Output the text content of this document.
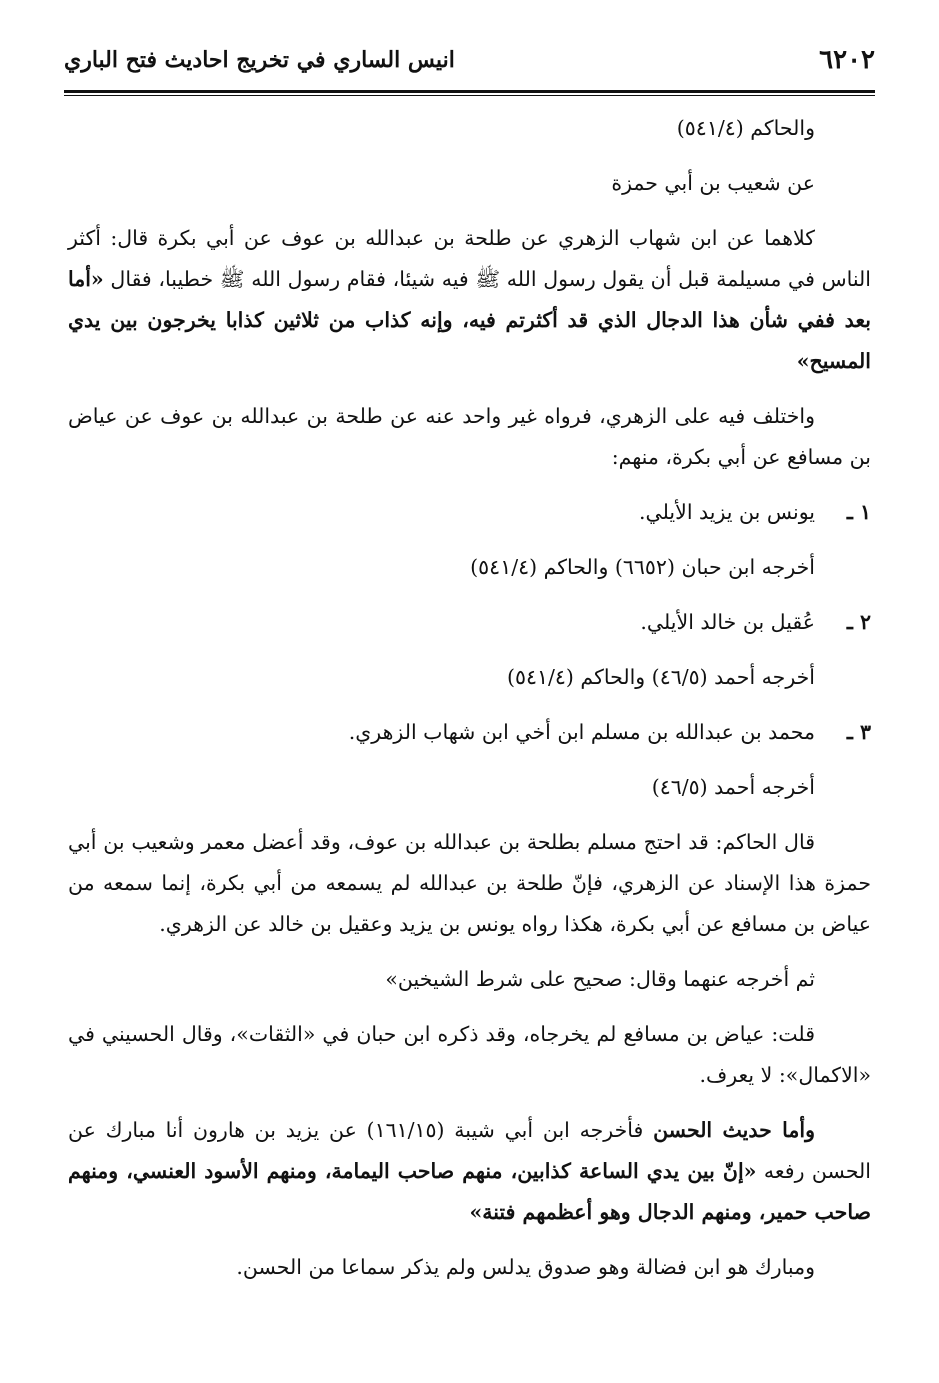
٦٢٠٢
انيس الساري في تخريج احاديث فتح الباري

والحاكم (٥٤١/٤)

عن شعيب بن أبي حمزة

كلاهما عن ابن شهاب الزهري عن طلحة بن عبدالله بن عوف عن أبي بكرة قال: أكثر الناس في مسيلمة قبل أن يقول رسول الله ﷺ فيه شيئا، فقام رسول الله ﷺ خطيبا، فقال «أما بعد ففي شأن هذا الدجال الذي قد أكثرتم فيه، وإنه كذاب من ثلاثين كذابا يخرجون بين يدي المسيح»

واختلف فيه على الزهري، فرواه غير واحد عنه عن طلحة بن عبدالله بن عوف عن عياض بن مسافع عن أبي بكرة، منهم:

١ ـ

يونس بن يزيد الأيلي.

أخرجه ابن حبان (٦٦٥٢) والحاكم (٥٤١/٤)

٢ ـ

عُقيل بن خالد الأيلي.

أخرجه أحمد (٤٦/٥) والحاكم (٥٤١/٤)

٣ ـ

محمد بن عبدالله بن مسلم ابن أخي ابن شهاب الزهري.

أخرجه أحمد (٤٦/٥)

قال الحاكم: قد احتج مسلم بطلحة بن عبدالله بن عوف، وقد أعضل معمر وشعيب بن أبي حمزة هذا الإسناد عن الزهري، فإنّ طلحة بن عبدالله لم يسمعه من أبي بكرة، إنما سمعه من عياض بن مسافع عن أبي بكرة، هكذا رواه يونس بن يزيد وعقيل بن خالد عن الزهري.

ثم أخرجه عنهما وقال: صحيح على شرط الشيخين»

قلت: عياض بن مسافع لم يخرجاه، وقد ذكره ابن حبان في «الثقات»، وقال الحسيني في «الاكمال»: لا يعرف.

وأما حديث الحسن فأخرجه ابن أبي شيبة (١٦١/١٥) عن يزيد بن هارون أنا مبارك عن الحسن رفعه «إنّ بين يدي الساعة كذابين، منهم صاحب اليمامة، ومنهم الأسود العنسي، ومنهم صاحب حمير، ومنهم الدجال وهو أعظمهم فتنة»

ومبارك هو ابن فضالة وهو صدوق يدلس ولم يذكر سماعا من الحسن.
